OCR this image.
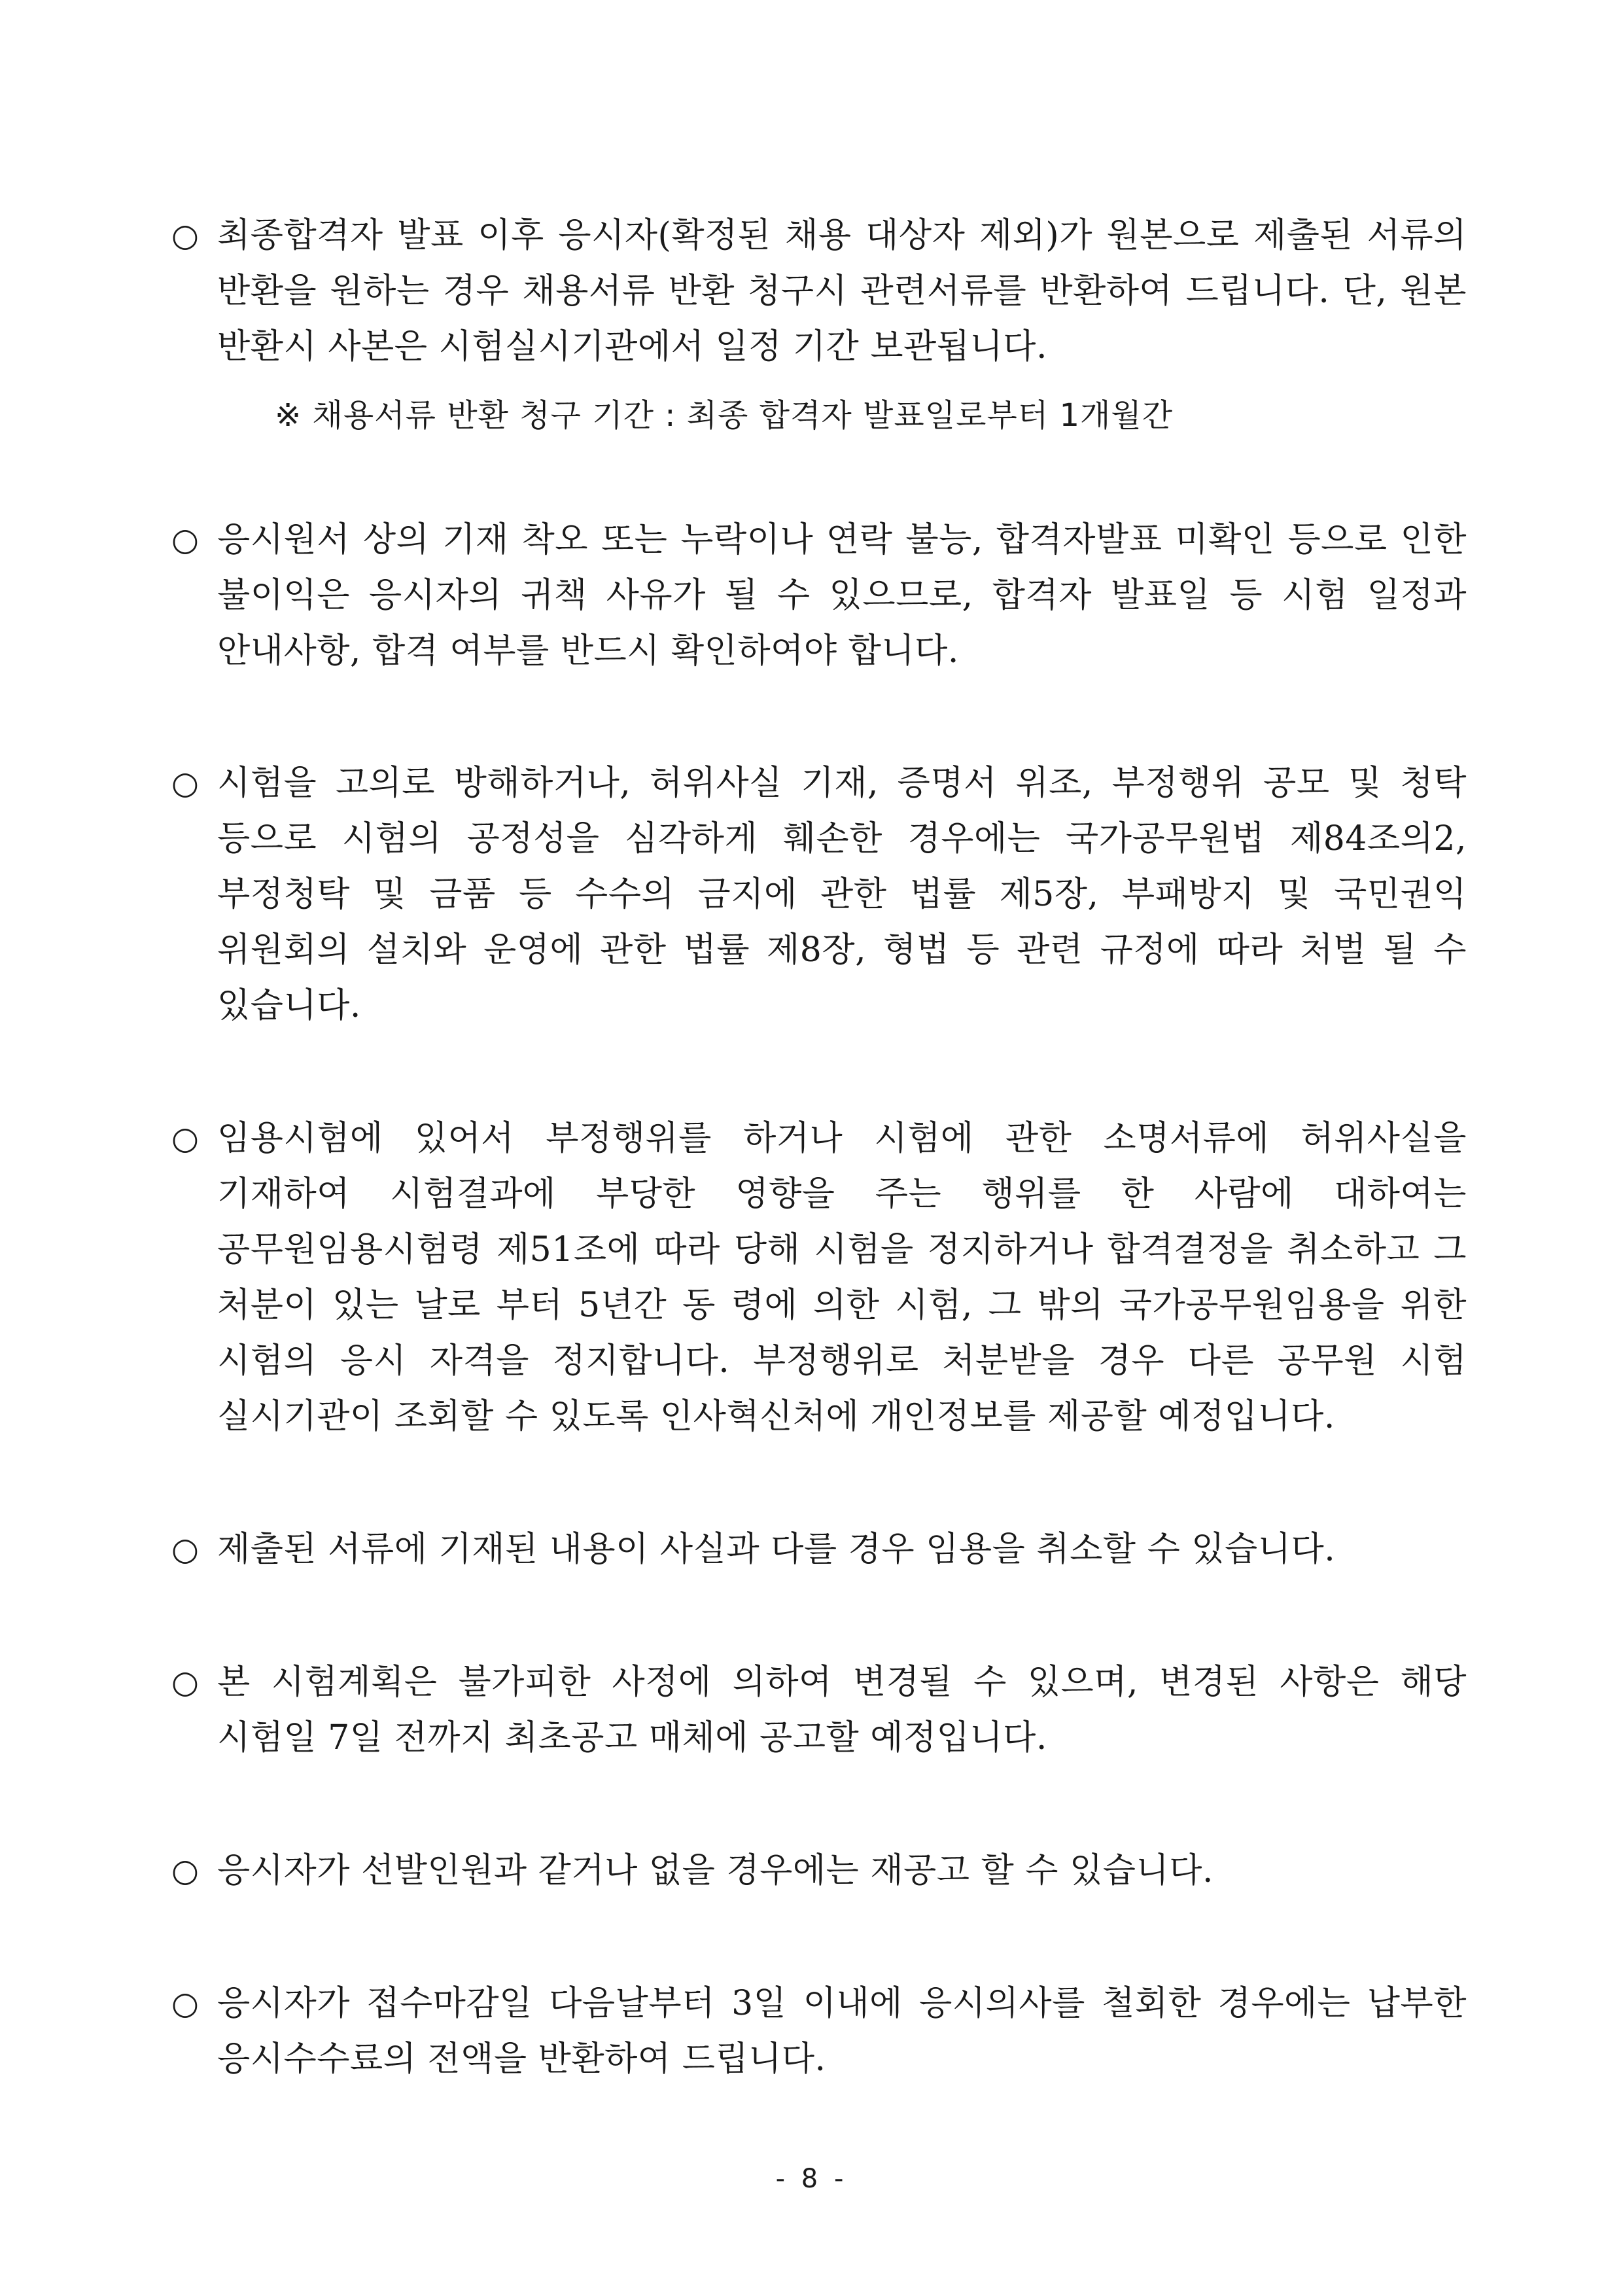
○ 최종합격자 발표 이후 응시자(확정된 채용 대상자 제외)가 원본으로 제출된 서류의 반환을 원하는 경우 채용서류 반환 청구시 관련서류를 반환하여 드립니다. 단, 원본 반환시 사본은 시험실시기관에서 일정 기간 보관됩니다.
※ 채용서류 반환 청구 기간 : 최종 합격자 발표일로부터 1개월간
○ 응시원서 상의 기재 착오 또는 누락이나 연락 불능, 합격자발표 미확인 등으로 인한 불이익은 응시자의 귀책 사유가 될 수 있으므로, 합격자 발표일 등 시험 일정과 안내사항, 합격 여부를 반드시 확인하여야 합니다.
○ 시험을 고의로 방해하거나, 허위사실 기재, 증명서 위조, 부정행위 공모 및 청탁 등으로 시험의 공정성을 심각하게 훼손한 경우에는 국가공무원법 제84조의2, 부정청탁 및 금품 등 수수의 금지에 관한 법률 제5장, 부패방지 및 국민권익 위원회의 설치와 운영에 관한 법률 제8장, 형법 등 관련 규정에 따라 처벌 될 수 있습니다.
○ 임용시험에 있어서 부정행위를 하거나 시험에 관한 소명서류에 허위사실을 기재하여 시험결과에 부당한 영향을 주는 행위를 한 사람에 대하여는 공무원임용시험령 제51조에 따라 당해 시험을 정지하거나 합격결정을 취소하고 그 처분이 있는 날로 부터 5년간 동 령에 의한 시험, 그 밖의 국가공무원임용을 위한 시험의 응시 자격을 정지합니다. 부정행위로 처분받을 경우 다른 공무원 시험 실시기관이 조회할 수 있도록 인사혁신처에 개인정보를 제공할 예정입니다.
○ 제출된 서류에 기재된 내용이 사실과 다를 경우 임용을 취소할 수 있습니다.
○ 본 시험계획은 불가피한 사정에 의하여 변경될 수 있으며, 변경된 사항은 해당 시험일 7일 전까지 최초공고 매체에 공고할 예정입니다.
○ 응시자가 선발인원과 같거나 없을 경우에는 재공고 할 수 있습니다.
○ 응시자가 접수마감일 다음날부터 3일 이내에 응시의사를 철회한 경우에는 납부한 응시수수료의 전액을 반환하여 드립니다.
- 8 -
